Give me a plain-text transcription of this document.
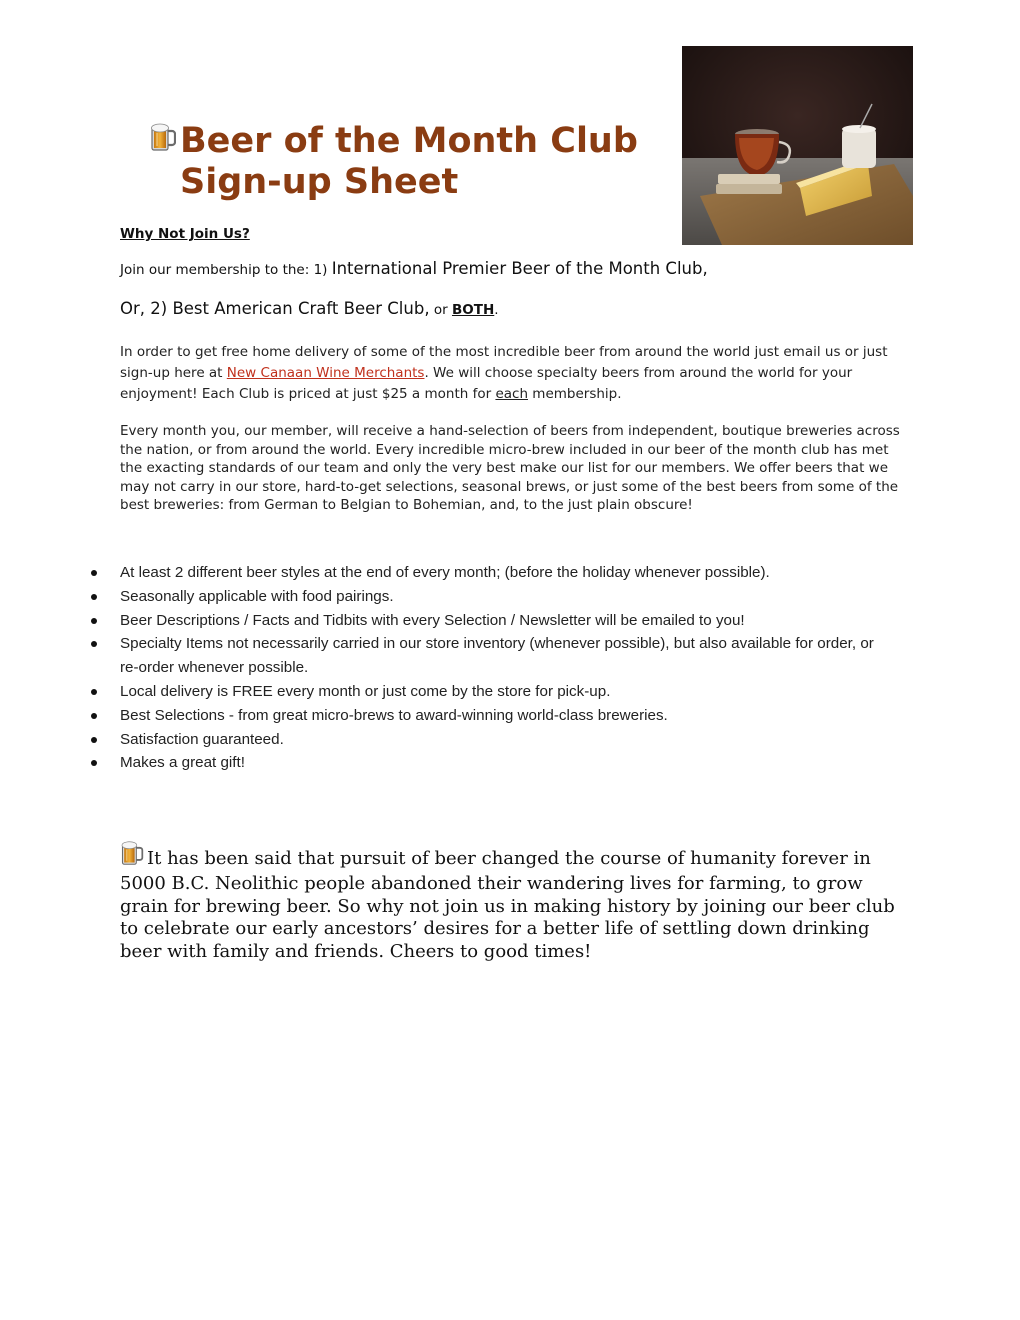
Beer of the Month Club
Sign-up Sheet
Why Not Join Us?
Join our membership to the: 1) International Premier Beer of the Month Club,
Or, 2) Best American Craft Beer Club, or BOTH.
In order to get free home delivery of some of the most incredible beer from around the world just email us or just sign-up here at New Canaan Wine Merchants. We will choose specialty beers from around the world for your enjoyment! Each Club is priced at just $25 a month for each membership.
Every month you, our member, will receive a hand-selection of beers from independent, boutique breweries across the nation, or from around the world. Every incredible micro-brew included in our beer of the month club has met the exacting standards of our team and only the very best make our list for our members. We offer beers that we may not carry in our store, hard-to-get selections, seasonal brews, or just some of the best beers from some of the best breweries: from German to Belgian to Bohemian, and, to the just plain obscure!
At least 2 different beer styles at the end of every month; (before the holiday whenever possible).
Seasonally applicable with food pairings.
Beer Descriptions / Facts and Tidbits with every Selection / Newsletter will be emailed to you!
Specialty Items not necessarily carried in our store inventory (whenever possible), but also available for order, or re-order whenever possible.
Local delivery is FREE every month or just come by the store for pick-up.
Best Selections - from great micro-brews to award-winning world-class breweries.
Satisfaction guaranteed.
Makes a great gift!
It has been said that pursuit of beer changed the course of humanity forever in 5000 B.C. Neolithic people abandoned their wandering lives for farming, to grow grain for brewing beer. So why not join us in making history by joining our beer club to celebrate our early ancestors’ desires for a better life of settling down drinking beer with family and friends. Cheers to good times!
